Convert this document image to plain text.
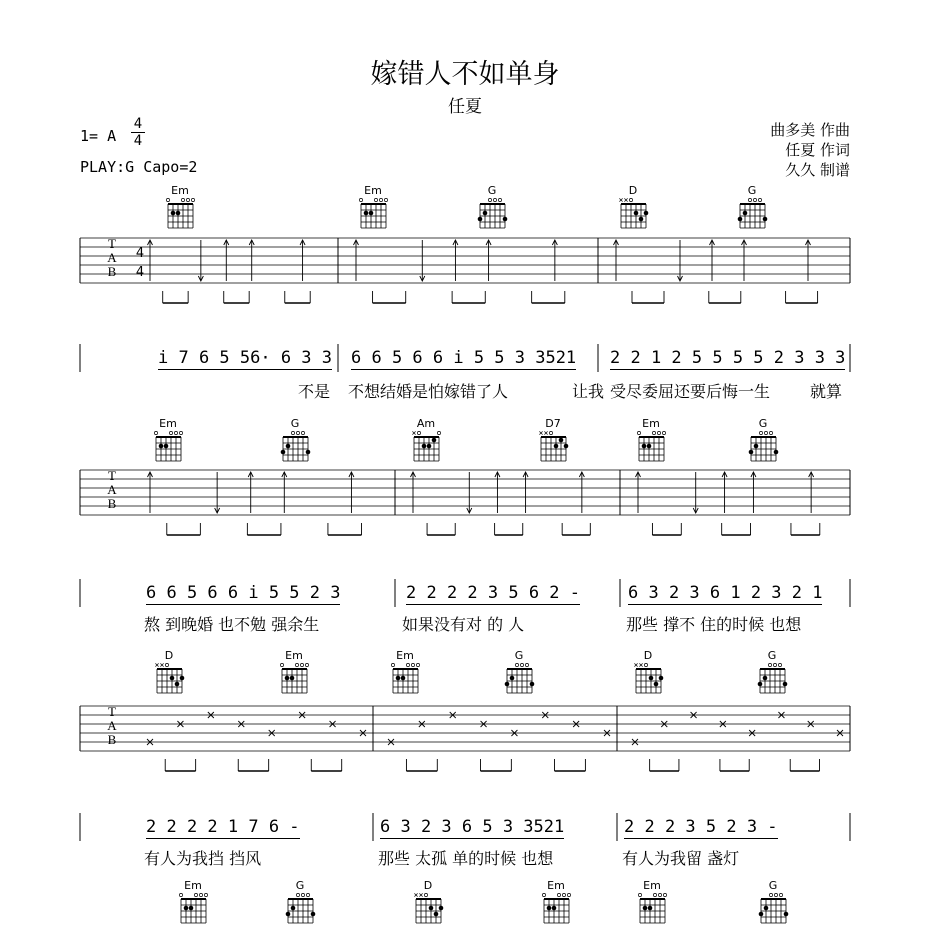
嫁错人不如单身
任夏
1= A
4
4
PLAY:G Capo=2
曲多美 作曲
任夏 作词
久久 制谱
Em	Em	G	D	G
T
A
B
4
4
i 7 6 5 56· 6 3 3 6 6 5 6 6 i 5 5 3 3521 2 2 1 2 5 5 5 5 2 3 3 3
不是 不想结婚是怕嫁错了人	让我 受尽委屈还要后悔一生 就算
Em	G	Am	D7	Em	G
T
A
B
6 6 5 6 6 i 5 5 2 3	2 2 2 2 3 5 6 2 -	6 3 2 3 6 1 2 3 2 1
熬 到晚婚 也不勉 强余生	如果没有对 的 人	那些 撑不 住的时候 也想
D	Em	Em	G	D	G
T
A
B
2 2 2 2 1 7 6 -	6 3 2 3 6 5 3 3521	2 2 2 3 5 2 3 -
有人为我挡 挡风	那些 太孤 单的时候 也想	有人为我留 盏灯
Em	G	D	Em	Em	G
